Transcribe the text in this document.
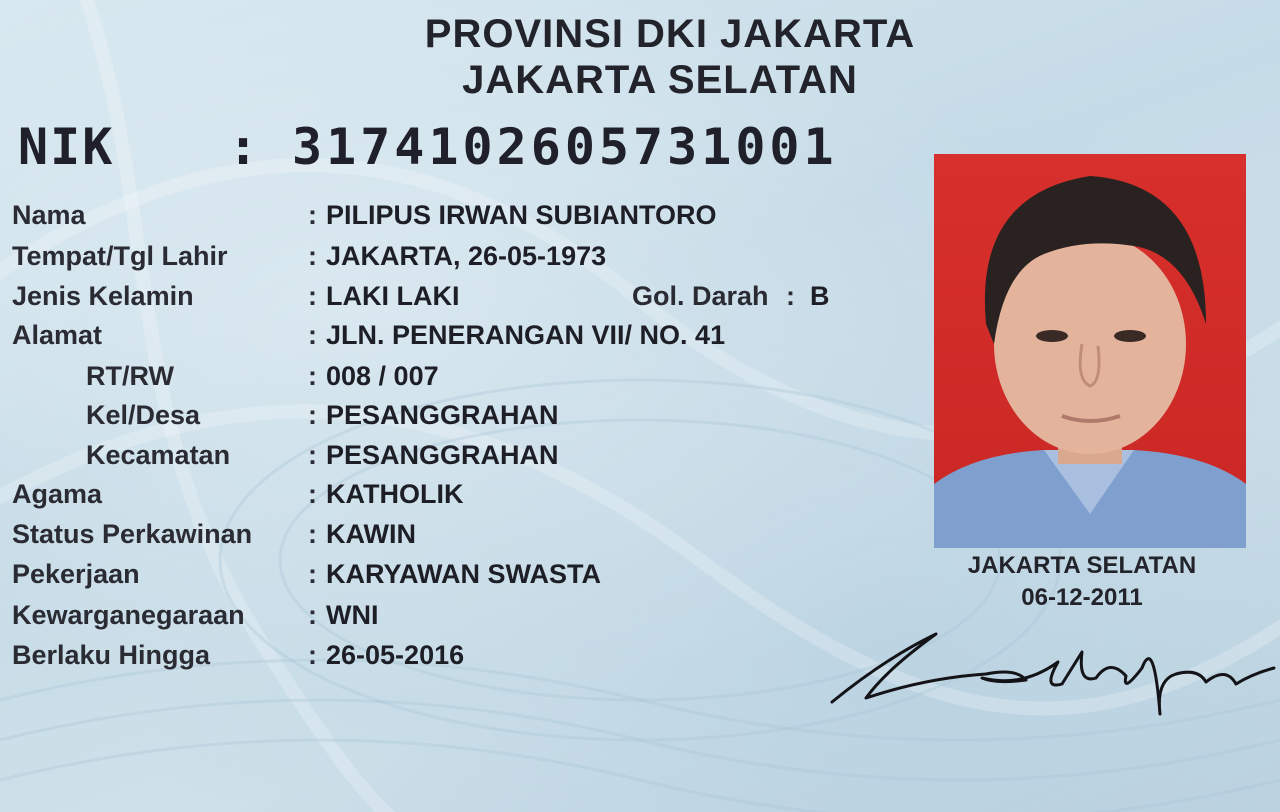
PROVINSI DKI JAKARTA
JAKARTA SELATAN
NIK : 3174102605731001
Nama	: PILIPUS IRWAN SUBIANTORO
Tempat/Tgl Lahir	: JAKARTA, 26-05-1973
Jenis Kelamin	: LAKI LAKI	Gol. Darah : B
Alamat	: JLN. PENERANGAN VII/ NO. 41
RT/RW	: 008 / 007
Kel/Desa	: PESANGGRAHAN
Kecamatan	: PESANGGRAHAN
Agama	: KATHOLIK
Status Perkawinan : KAWIN
Pekerjaan	: KARYAWAN SWASTA
Kewarganegaraan : WNI
Berlaku Hingga	: 26-05-2016
JAKARTA SELATAN
06-12-2011
